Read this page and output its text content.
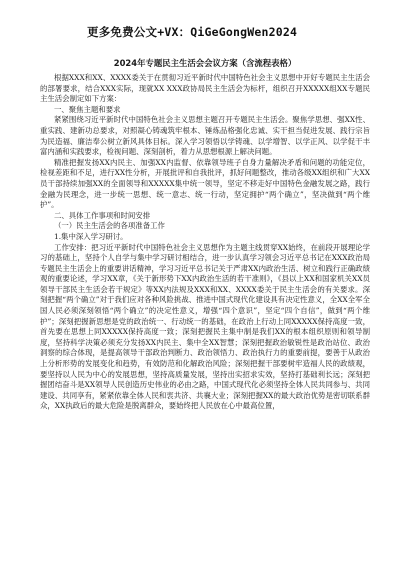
更多免费公文+VX：QiGeGongWen2024
2024年专题民主生活会会议方案（含流程表格）

根据XXX和XX、XXXX委关于在贯彻习近平新时代中国特色社会主义思想中开好专题民主生活会的部署要求，结合XXX实际，现就XX XXX政协局民主生活会为标杆，组织召开XXXXX组XX专题民主生活会制定如下方案：

一、聚焦主题和要求

紧紧围绕习近平新时代中国特色社会主义思想主题召开专题民主生活会。聚焦学思想、强XX性、重实践、建新功总要求，对照凝心铸魂筑牢根本、锤炼品格强化忠诚、实干担当促进发展、践行宗旨为民造福、廉洁奉公树立新风具体目标。深入学习领悟以学铸魂、以学增智、以学正风、以学促干丰富内涵和实践要求，检视问题、深刻剖析，着力从思想根源上解决问题。

精准把握发扬XX内民主、加强XX内监督、依靠领导班子自身力量解决矛盾和问题的功能定位，检视差距和不足，进行XX性分析，开展批评和自我批评，抓好问题整改，推动各级XX组织和广大XX员干部持续加强XX的全面领导和XXXXX集中统一领导，坚定不移走好中国特色金融发展之路，践行金融为民理念，进一步统一思想、统一意志、统一行动，坚定拥护“两个确立”，坚决做到“两个维护”。

二、具体工作事项和时间安排

（一）民主生活会的各项准备工作

1.集中深入学习研讨。

工作安排：把习近平新时代中国特色社会主义思想作为主题主线贯穿XX始终，在前段开展理论学习的基础上，坚持个人自学与集中学习研讨相结合，进一步认真学习领会习近平总书记在XXX政治局专题民主生活会上的重要讲话精神，学习习近平总书记关于严肃XX内政治生活、树立和践行正确政绩观的重要论述，学习XX章，《关于新形势下XX内政治生活的若干准则》，《县以上XX和国家机关XX员领导干部民主生活会若干规定》等XX内法规及XXX和XX、XXXX委关于民主生活会的有关要求。深刻把握“两个确立”对于我们应对各种风险挑战、推进中国式现代化建设具有决定性意义，全XX全军全国人民必须深刻领悟“两个确立”的决定性意义，增强“四个意识”，坚定“四个自信”，做到“两个维护”；深刻把握新思想是党的政治统一、行动统一的基础，在政治上行动上同XXXXX保持高度一致，首先要在思想上同XXXXX保持高度一致；深刻把握民主集中制是我们XX的根本组织原则和领导制度，坚持科学决策必须充分发扬XX内民主、集中全XX智慧；深刻把握政治敏锐性是政治站位、政治洞察的综合体现，是提高领导干部政治判断力、政治领悟力、政治执行力的重要前提，要善于从政治上分析形势的发展变化和趋势，有效防范和化解政治风险；深刻把握干部要树牢造福人民的政绩观，要坚持以人民为中心的发展思想，坚持高质量发展，坚持出实招求实效，坚持打基础利长远；深刻把握团结奋斗是XX领导人民创造历史伟业的必由之路，中国式现代化必须坚持全体人民共同参与、共同建设、共同享有，紧紧依靠全体人民和衷共济、共襄大业；深刻把握XX的最大政治优势是密切联系群众，XX执政后的最大危险是脱离群众，要始终把人民放在心中最高位置，
